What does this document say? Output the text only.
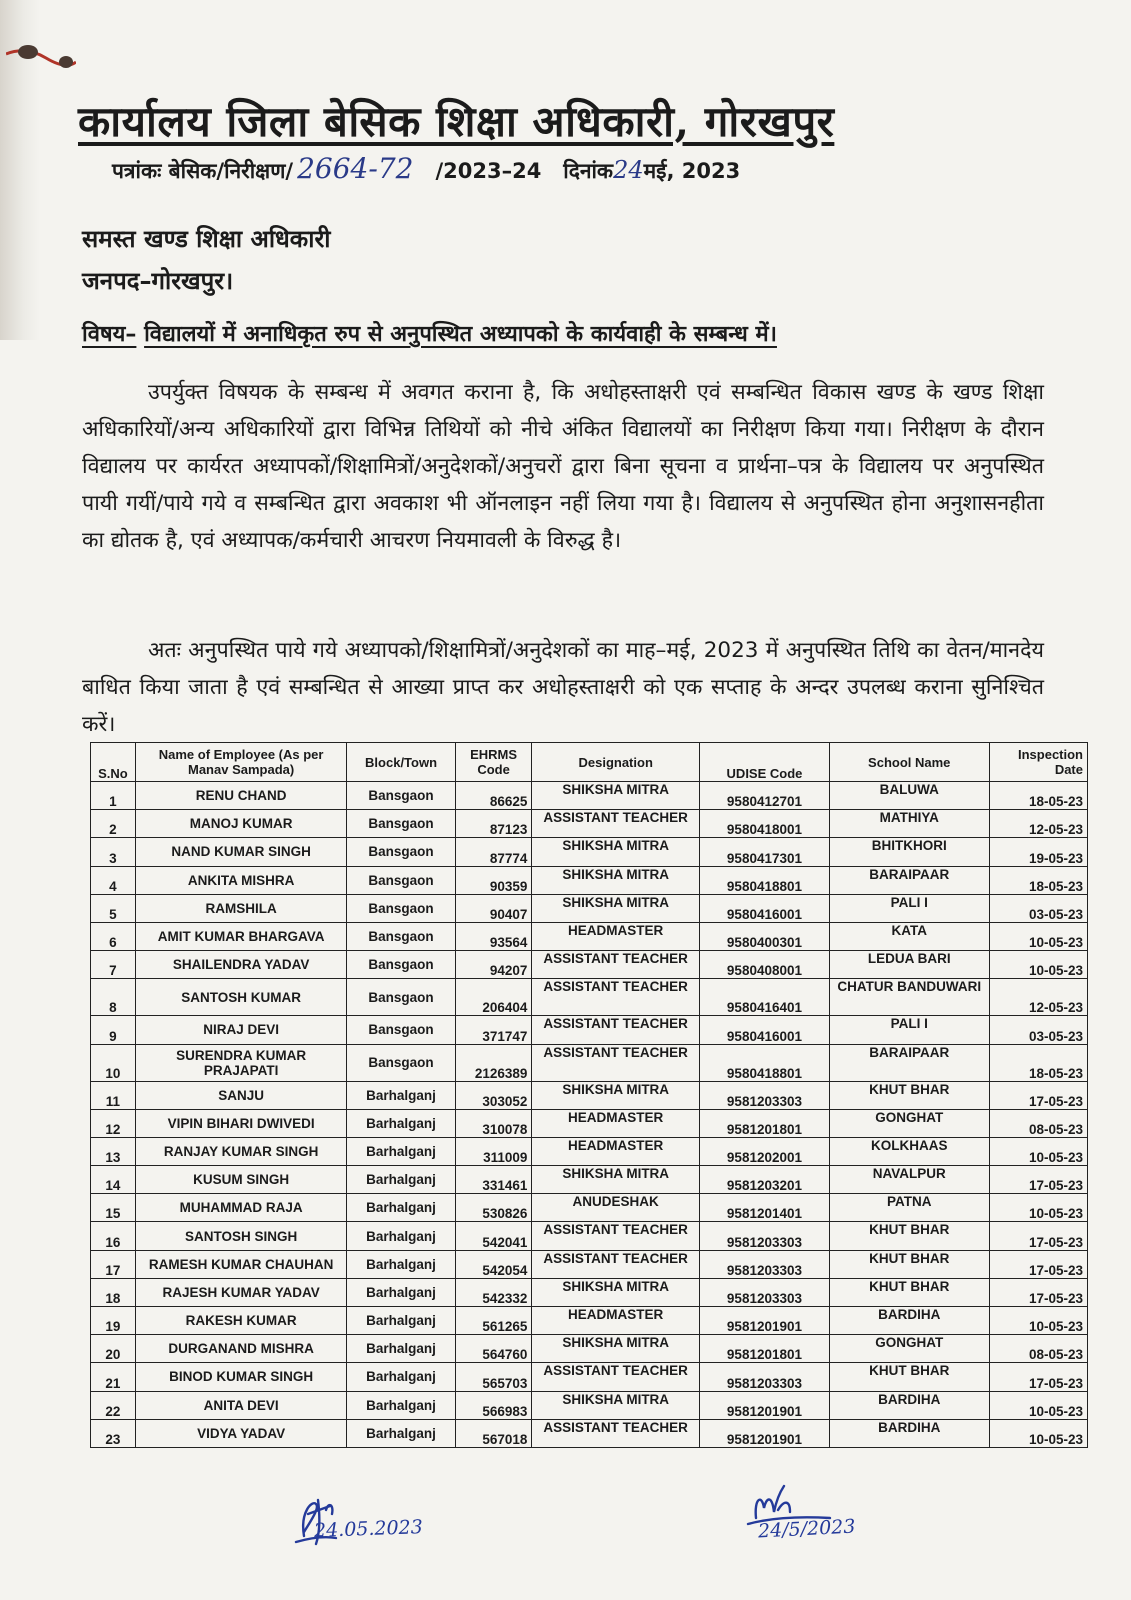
कार्यालय जिला बेसिक शिक्षा अधिकारी, गोरखपुर
पत्रांकः बेसिक/निरीक्षण/ 2664-72 /2023–24 दिनांक24मई, 2023
समस्त खण्ड शिक्षा अधिकारी
जनपद–गोरखपुर।
विषय– विद्यालयों में अनाधिकृत रुप से अनुपस्थित अध्यापको के कार्यवाही के सम्बन्ध में।
उपर्युक्त विषयक के सम्बन्ध में अवगत कराना है, कि अधोहस्ताक्षरी एवं सम्बन्धित विकास खण्ड के खण्ड शिक्षा अधिकारियों/अन्य अधिकारियों द्वारा विभिन्न तिथियों को नीचे अंकित विद्यालयों का निरीक्षण किया गया। निरीक्षण के दौरान विद्यालय पर कार्यरत अध्यापकों/शिक्षामित्रों/अनुदेशकों/अनुचरों द्वारा बिना सूचना व प्रार्थना–पत्र के विद्यालय पर अनुपस्थित पायी गयीं/पाये गये व सम्बन्धित द्वारा अवकाश भी ऑनलाइन नहीं लिया गया है। विद्यालय से अनुपस्थित होना अनुशासनहीता का द्योतक है, एवं अध्यापक/कर्मचारी आचरण नियमावली के विरुद्ध है।
अतः अनुपस्थित पाये गये अध्यापको/शिक्षामित्रों/अनुदेशकों का माह–मई, 2023 में अनुपस्थित तिथि का वेतन/मानदेय बाधित किया जाता है एवं सम्बन्धित से आख्या प्राप्त कर अधोहस्ताक्षरी को एक सप्ताह के अन्दर उपलब्ध कराना सुनिश्चित करें।
S.No	Name of Employee (As per Manav Sampada)	Block/Town	EHRMS Code	Designation	UDISE Code	School Name	Inspection Date
1	RENU CHAND	Bansgaon	86625	SHIKSHA MITRA	9580412701	BALUWA	18-05-23
2	MANOJ KUMAR	Bansgaon	87123	ASSISTANT TEACHER	9580418001	MATHIYA	12-05-23
3	NAND KUMAR SINGH	Bansgaon	87774	SHIKSHA MITRA	9580417301	BHITKHORI	19-05-23
4	ANKITA MISHRA	Bansgaon	90359	SHIKSHA MITRA	9580418801	BARAIPAAR	18-05-23
5	RAMSHILA	Bansgaon	90407	SHIKSHA MITRA	9580416001	PALI I	03-05-23
6	AMIT KUMAR BHARGAVA	Bansgaon	93564	HEADMASTER	9580400301	KATA	10-05-23
7	SHAILENDRA YADAV	Bansgaon	94207	ASSISTANT TEACHER	9580408001	LEDUA BARI	10-05-23
8	SANTOSH KUMAR	Bansgaon	206404	ASSISTANT TEACHER	9580416401	CHATUR BANDUWARI	12-05-23
9	NIRAJ DEVI	Bansgaon	371747	ASSISTANT TEACHER	9580416001	PALI I	03-05-23
10	SURENDRA KUMAR PRAJAPATI	Bansgaon	2126389	ASSISTANT TEACHER	9580418801	BARAIPAAR	18-05-23
11	SANJU	Barhalganj	303052	SHIKSHA MITRA	9581203303	KHUT BHAR	17-05-23
12	VIPIN BIHARI DWIVEDI	Barhalganj	310078	HEADMASTER	9581201801	GONGHAT	08-05-23
13	RANJAY KUMAR SINGH	Barhalganj	311009	HEADMASTER	9581202001	KOLKHAAS	10-05-23
14	KUSUM SINGH	Barhalganj	331461	SHIKSHA MITRA	9581203201	NAVALPUR	17-05-23
15	MUHAMMAD RAJA	Barhalganj	530826	ANUDESHAK	9581201401	PATNA	10-05-23
16	SANTOSH SINGH	Barhalganj	542041	ASSISTANT TEACHER	9581203303	KHUT BHAR	17-05-23
17	RAMESH KUMAR CHAUHAN	Barhalganj	542054	ASSISTANT TEACHER	9581203303	KHUT BHAR	17-05-23
18	RAJESH KUMAR YADAV	Barhalganj	542332	SHIKSHA MITRA	9581203303	KHUT BHAR	17-05-23
19	RAKESH KUMAR	Barhalganj	561265	HEADMASTER	9581201901	BARDIHA	10-05-23
20	DURGANAND MISHRA	Barhalganj	564760	SHIKSHA MITRA	9581201801	GONGHAT	08-05-23
21	BINOD KUMAR SINGH	Barhalganj	565703	ASSISTANT TEACHER	9581203303	KHUT BHAR	17-05-23
22	ANITA DEVI	Barhalganj	566983	SHIKSHA MITRA	9581201901	BARDIHA	10-05-23
23	VIDYA YADAV	Barhalganj	567018	ASSISTANT TEACHER	9581201901	BARDIHA	10-05-23
24.05.2023	24/5/2023
